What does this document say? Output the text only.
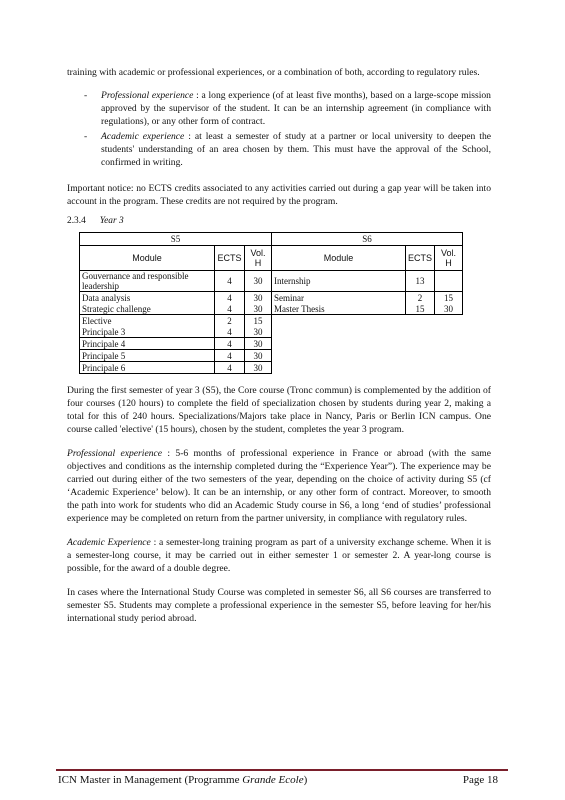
training with academic or professional experiences, or a combination of both, according to regulatory rules.

- Professional experience : a long experience (of at least five months), based on a large-scope mission approved by the supervisor of the student. It can be an internship agreement (in compliance with regulations), or any other form of contract.
- Academic experience : at least a semester of study at a partner or local university to deepen the students' understanding of an area chosen by them. This must have the approval of the School, confirmed in writing.

Important notice: no ECTS credits associated to any activities carried out during a gap year will be taken into account in the program. These credits are not required by the program.

2.3.4 Year 3
S5			S6		
Module	ECTS	Vol. H	Module	ECTS	Vol. H
Gouvernance and responsible leadership	4	30	Internship	13	
Data analysis	4	30	Seminar	2	15
Strategic challenge	4	30	Master Thesis	15	30
Elective	2	15			
Principale 3	4	30			
Principale 4	4	30			
Principale 5	4	30			
Principale 6	4	30			

During the first semester of year 3 (S5), the Core course (Tronc commun) is complemented by the addition of four courses (120 hours) to complete the field of specialization chosen by students during year 2, making a total for this of 240 hours. Specializations/Majors take place in Nancy, Paris or Berlin ICN campus. One course called 'elective' (15 hours), chosen by the student, completes the year 3 program.

Professional experience : 5-6 months of professional experience in France or abroad (with the same objectives and conditions as the internship completed during the “Experience Year”). The experience may be carried out during either of the two semesters of the year, depending on the choice of activity during S5 (cf ‘Academic Experience’ below). It can be an internship, or any other form of contract. Moreover, to smooth the path into work for students who did an Academic Study course in S6, a long ‘end of studies’ professional experience may be completed on return from the partner university, in compliance with regulatory rules.

Academic Experience : a semester-long training program as part of a university exchange scheme. When it is a semester-long course, it may be carried out in either semester 1 or semester 2. A year-long course is possible, for the award of a double degree.

In cases where the International Study Course was completed in semester S6, all S6 courses are transferred to semester S5. Students may complete a professional experience in the semester S5, before leaving for her/his international study period abroad.

ICN Master in Management (Programme Grande Ecole)	Page 18
